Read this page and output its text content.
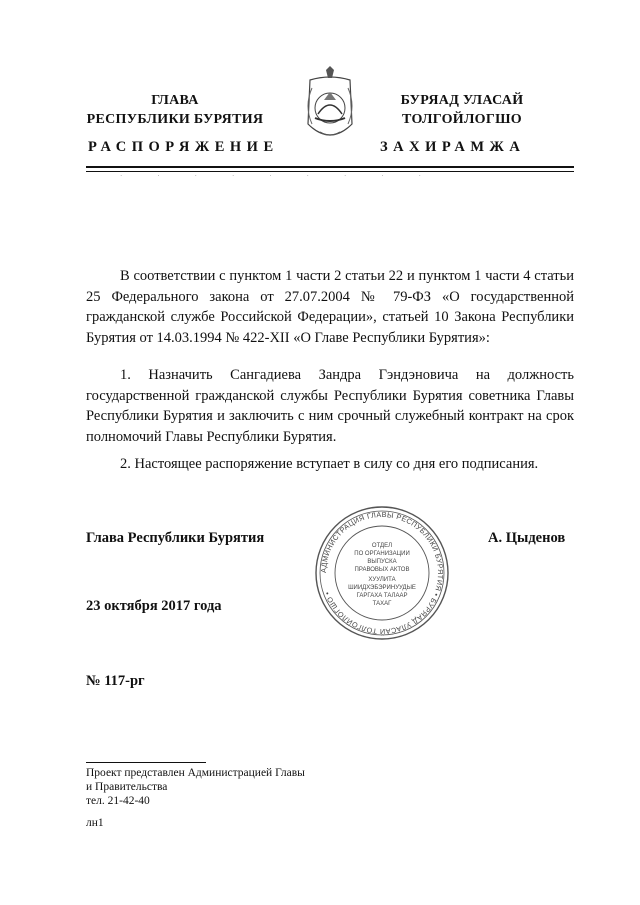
ГЛАВА
РЕСПУБЛИКИ БУРЯТИЯ
БУРЯАД УЛАСАЙ
ТОЛГОЙЛОГШО
РАСПОРЯЖЕНИЕ	ЗАХИРАМЖА
·                    ·                    ·                    ·                    ·                    ·                    ·                    ·                    ·
В соответствии с пунктом 1 части 2 статьи 22 и пунктом 1 части 4 статьи 25 Федерального закона от 27.07.2004 № 79-ФЗ «О государственной гражданской службе Российской Федерации», статьей 10 Закона Республики Бурятия от 14.03.1994 № 422-XII «О Главе Республики Бурятия»:
1. Назначить Сангадиева Зандра Гэндэновича на должность государственной гражданской службы Республики Бурятия советника Главы Республики Бурятия и заключить с ним срочный служебный контракт на срок полномочий Главы Республики Бурятия.
2. Настоящее распоряжение вступает в силу со дня его подписания.
Глава Республики Бурятия	А. Цыденов
АДМИНИСТРАЦИЯ ГЛАВЫ РЕСПУБЛИКИ БУРЯТИЯ • БУРЯАД УЛАСАЙ ТОЛГОЙЛОГШО •
ОТДЕЛ
ПО ОРГАНИЗАЦИИ
ВЫПУСКА
ПРАВОВЫХ АКТОВ
ХУУЛИТА
ШИИДХЭБЭРИНУУДЫЕ
ГАРГАХА ТАЛААР
ТАХАГ
23 октября 2017 года
№ 117-рг
Проект представлен Администрацией Главы
и Правительства
тел. 21-42-40
лн1
